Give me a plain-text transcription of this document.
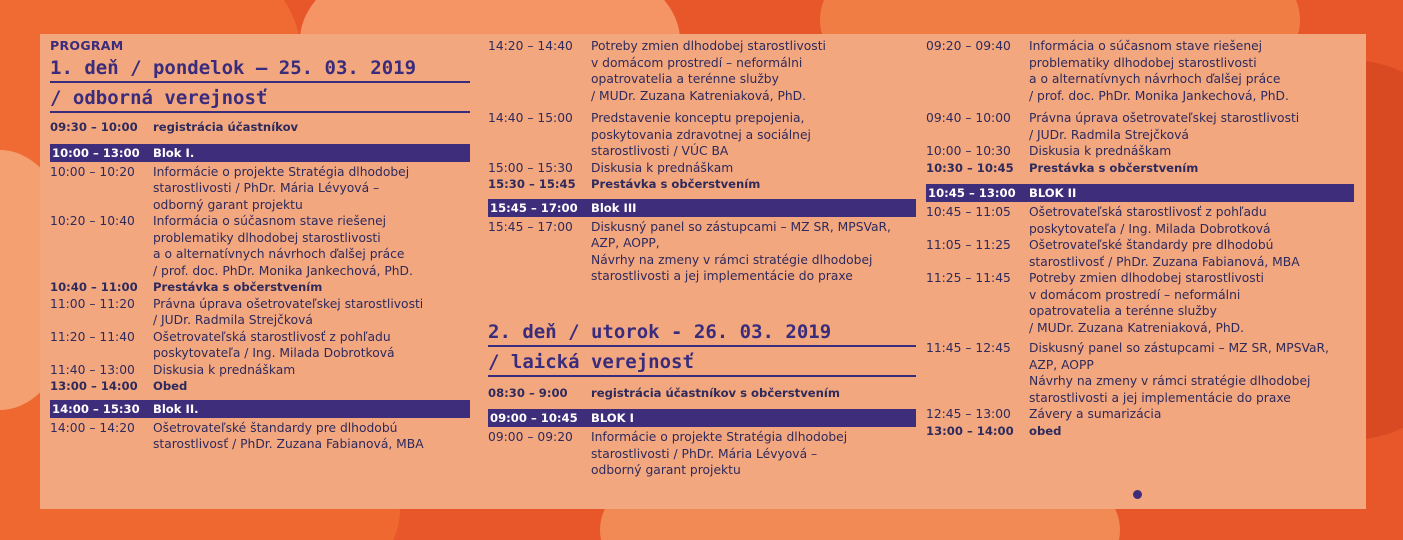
PROGRAM
1. deň / pondelok – 25. 03. 2019
/ odborná verejnosť
09:30 – 10:00	registrácia účastníkov
10:00 – 13:00	Blok I.
10:00 – 10:20	Informácie o projekte Stratégia dlhodobej
starostlivosti / PhDr. Mária Lévyová –
odborný garant projektu
10:20 – 10:40	Informácia o súčasnom stave riešenej
problematiky dlhodobej starostlivosti
a o alternatívnych návrhoch ďalšej práce
/ prof. doc. PhDr. Monika Jankechová, PhD.
10:40 – 11:00	Prestávka s občerstvením
11:00 – 11:20	Právna úprava ošetrovateľskej starostlivosti
/ JUDr. Radmila Strejčková
11:20 – 11:40	Ošetrovateľská starostlivosť z pohľadu
poskytovateľa / Ing. Milada Dobrotková
11:40 – 13:00	Diskusia k prednáškam
13:00 – 14:00	Obed
14:00 – 15:30	Blok II.
14:00 – 14:20	Ošetrovateľské štandardy pre dlhodobú
starostlivosť / PhDr. Zuzana Fabianová, MBA
14:20 – 14:40	Potreby zmien dlhodobej starostlivosti
v domácom prostredí – neformálni
opatrovatelia a terénne služby
/ MUDr. Zuzana Katreniaková, PhD.
14:40 – 15:00	Predstavenie konceptu prepojenia,
poskytovania zdravotnej a sociálnej
starostlivosti / VÚC BA
15:00 – 15:30	Diskusia k prednáškam
15:30 – 15:45	Prestávka s občerstvením
15:45 – 17:00	Blok III
15:45 – 17:00	Diskusný panel so zástupcami – MZ SR, MPSVaR,
AZP, AOPP,
Návrhy na zmeny v rámci stratégie dlhodobej
starostlivosti a jej implementácie do praxe
2. deň / utorok - 26. 03. 2019
/ laická verejnosť
08:30 – 9:00	registrácia účastníkov s občerstvením
09:00 – 10:45	BLOK I
09:00 – 09:20	Informácie o projekte Stratégia dlhodobej
starostlivosti / PhDr. Mária Lévyová –
odborný garant projektu
09:20 – 09:40	Informácia o súčasnom stave riešenej
problematiky dlhodobej starostlivosti
a o alternatívnych návrhoch ďalšej práce
/ prof. doc. PhDr. Monika Jankechová, PhD.
09:40 – 10:00	Právna úprava ošetrovateľskej starostlivosti
/ JUDr. Radmila Strejčková
10:00 – 10:30	Diskusia k prednáškam
10:30 – 10:45	Prestávka s občerstvením
10:45 – 13:00	BLOK II
10:45 – 11:05	Ošetrovateľská starostlivosť z pohľadu
poskytovateľa / Ing. Milada Dobrotková
11:05 – 11:25	Ošetrovateľské štandardy pre dlhodobú
starostlivosť / PhDr. Zuzana Fabianová, MBA
11:25 – 11:45	Potreby zmien dlhodobej starostlivosti
v domácom prostredí – neformálni
opatrovatelia a terénne služby
/ MUDr. Zuzana Katreniaková, PhD.
11:45 – 12:45	Diskusný panel so zástupcami – MZ SR, MPSVaR,
AZP, AOPP
Návrhy na zmeny v rámci stratégie dlhodobej
starostlivosti a jej implementácie do praxe
12:45 – 13:00	Závery a sumarizácia
13:00 – 14:00	obed
